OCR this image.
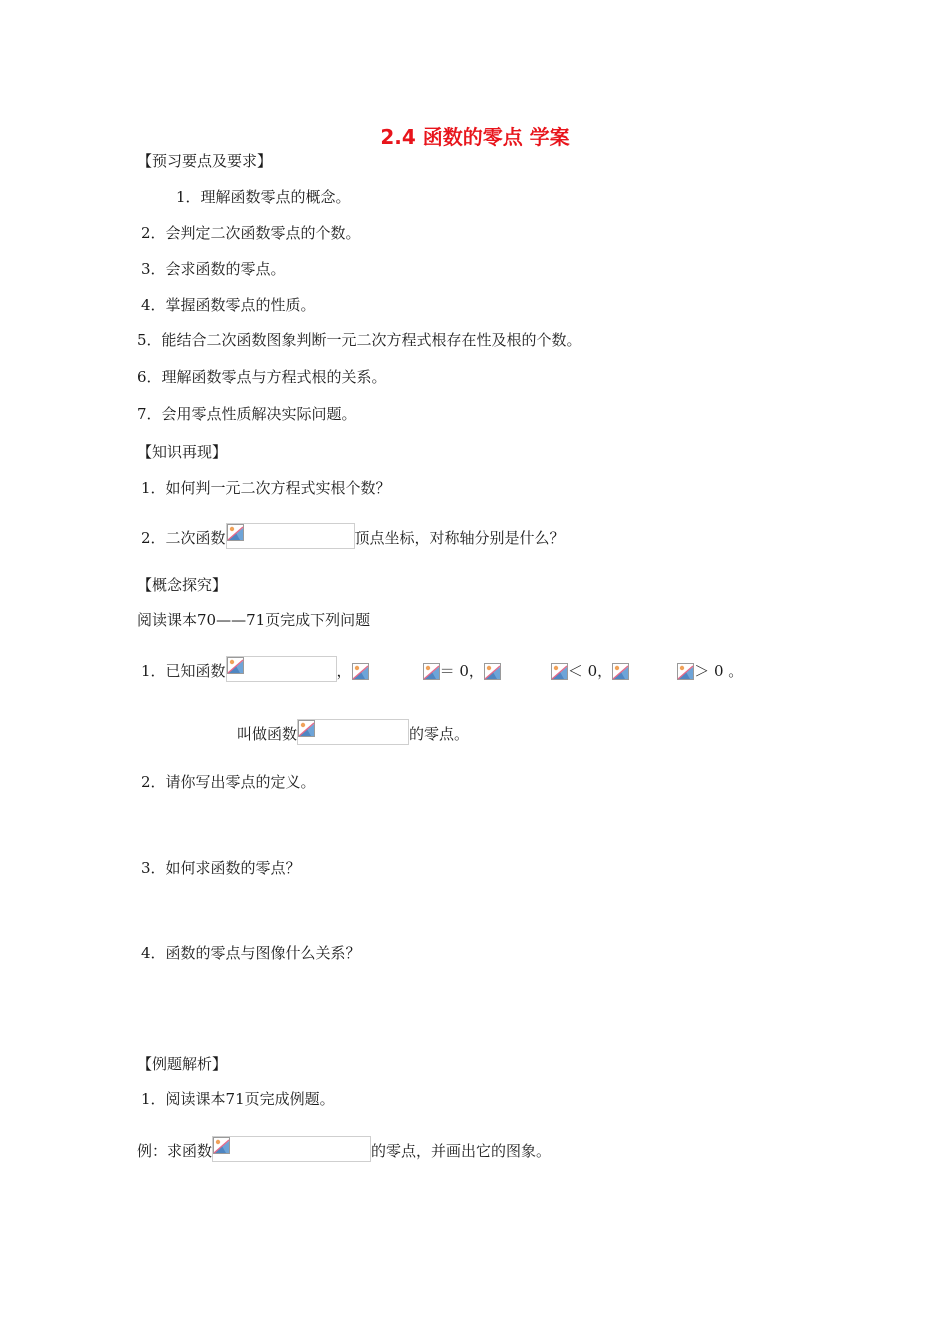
2.4 函数的零点 学案
【预习要点及要求】
1．理解函数零点的概念。
2．会判定二次函数零点的个数。
3．会求函数的零点。
4．掌握函数零点的性质。
5．能结合二次函数图象判断一元二次方程式根存在性及根的个数。
6．理解函数零点与方程式根的关系。
7．会用零点性质解决实际问题。
【知识再现】
1．如何判一元二次方程式实根个数？
2．二次函数	顶点坐标，对称轴分别是什么？
【概念探究】
阅读课本70——71页完成下列问题
1．已知函数	，	＝ 0，	＜ 0，	＞ 0 。
叫做函数	的零点。
2．请你写出零点的定义。
3．如何求函数的零点？
4．函数的零点与图像什么关系？
【例题解析】
1．阅读课本71页完成例题。
例：求函数	的零点，并画出它的图象。
